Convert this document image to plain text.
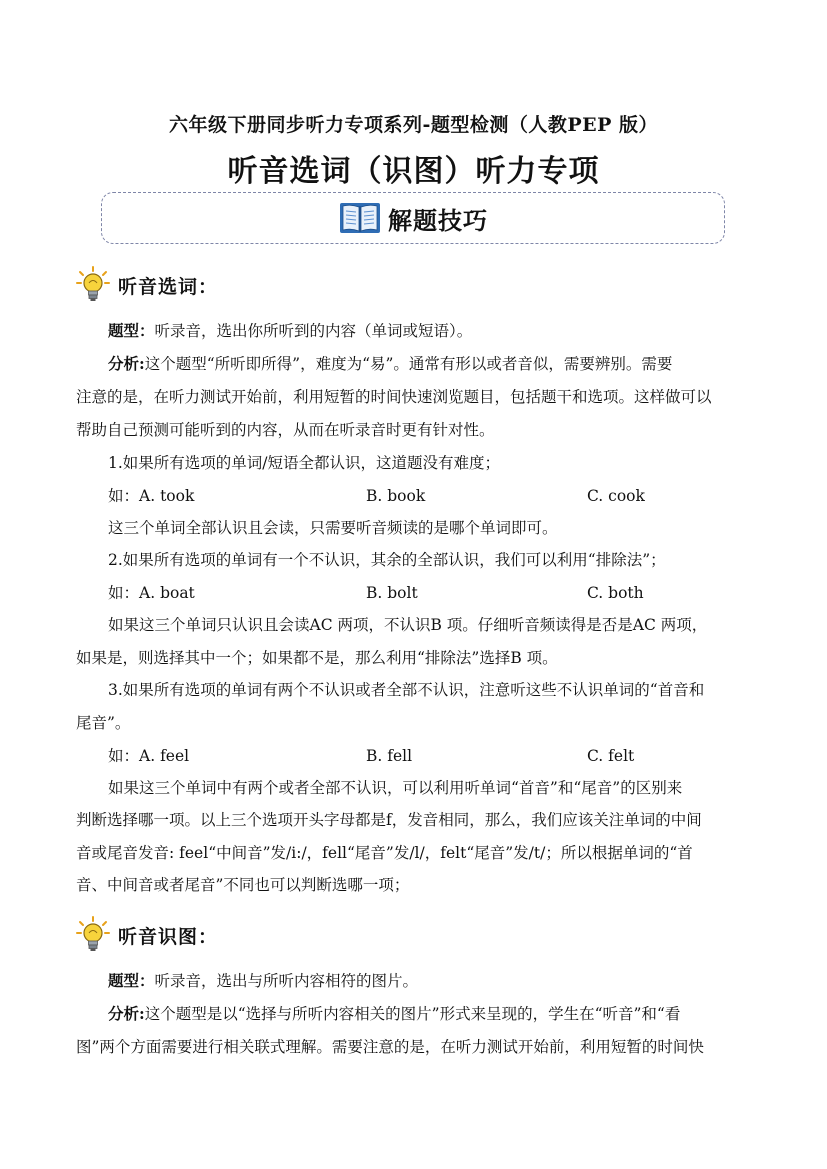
六年级下册同步听力专项系列-题型检测（人教PEP 版）
听音选词（识图）听力专项
解题技巧
听音选词：
题型：听录音，选出你所听到的内容（单词或短语）。
分析:这个题型“所听即所得”，难度为“易”。通常有形以或者音似，需要辨别。需要
注意的是，在听力测试开始前，利用短暂的时间快速浏览题目，包括题干和选项。这样做可以
帮助自己预测可能听到的内容，从而在听录音时更有针对性。
1.如果所有选项的单词/短语全都认识，这道题没有难度；
如：A. took	B. book	C. cook
这三个单词全部认识且会读，只需要听音频读的是哪个单词即可。
2.如果所有选项的单词有一个不认识，其余的全部认识，我们可以利用“排除法”；
如：A. boat	B. bolt	C. both
如果这三个单词只认识且会读AC 两项，不认识B 项。仔细听音频读得是否是AC 两项，
如果是，则选择其中一个；如果都不是，那么利用“排除法”选择B 项。
3.如果所有选项的单词有两个不认识或者全部不认识，注意听这些不认识单词的“首音和
尾音”。
如：A. feel	B. fell	C. felt
如果这三个单词中有两个或者全部不认识，可以利用听单词“首音”和“尾音”的区别来
判断选择哪一项。以上三个选项开头字母都是f，发音相同，那么，我们应该关注单词的中间
音或尾音发音: feel“中间音”发/i:/，fell“尾音”发/l/，felt“尾音”发/t/；所以根据单词的“首
音、中间音或者尾音”不同也可以判断选哪一项；
听音识图：
题型：听录音，选出与所听内容相符的图片。
分析:这个题型是以“选择与所听内容相关的图片”形式来呈现的，学生在“听音”和“看
图”两个方面需要进行相关联式理解。需要注意的是，在听力测试开始前，利用短暂的时间快
